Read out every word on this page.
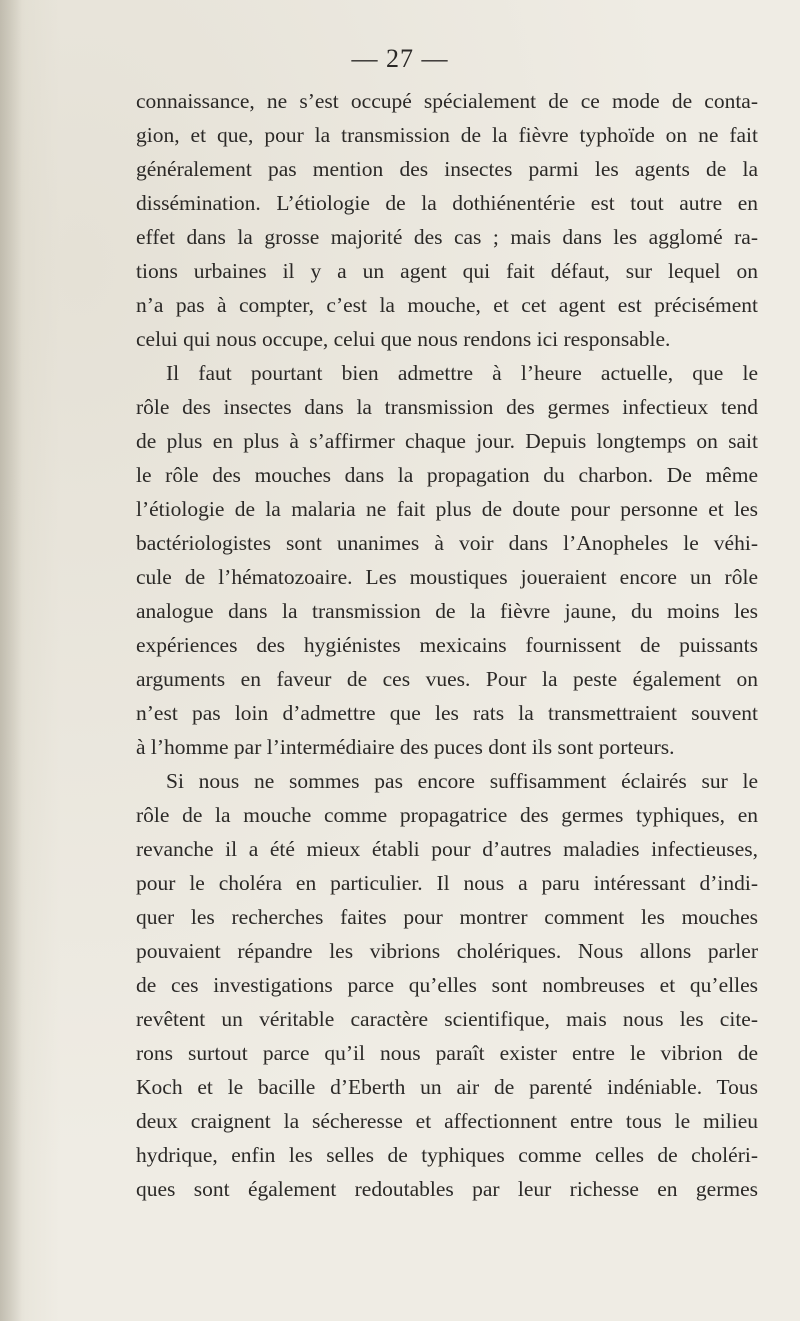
— 27 —
connaissance, ne s’est occupé spécialement de ce mode de conta-
gion, et que, pour la transmission de la fièvre typhoïde on ne fait
généralement pas mention des insectes parmi les agents de la
dissémination. L’étiologie de la dothiénentérie est tout autre en
effet dans la grosse majorité des cas ; mais dans les agglomé ra-
tions urbaines il y a un agent qui fait défaut, sur lequel on
n’a pas à compter, c’est la mouche, et cet agent est précisément
celui qui nous occupe, celui que nous rendons ici responsable.
Il faut pourtant bien admettre à l’heure actuelle, que le
rôle des insectes dans la transmission des germes infectieux tend
de plus en plus à s’affirmer chaque jour. Depuis longtemps on sait
le rôle des mouches dans la propagation du charbon. De même
l’étiologie de la malaria ne fait plus de doute pour personne et les
bactériologistes sont unanimes à voir dans l’Anopheles le véhi-
cule de l’hématozoaire. Les moustiques joueraient encore un rôle
analogue dans la transmission de la fièvre jaune, du moins les
expériences des hygiénistes mexicains fournissent de puissants
arguments en faveur de ces vues. Pour la peste également on
n’est pas loin d’admettre que les rats la transmettraient souvent
à l’homme par l’intermédiaire des puces dont ils sont porteurs.
Si nous ne sommes pas encore suffisamment éclairés sur le
rôle de la mouche comme propagatrice des germes typhiques, en
revanche il a été mieux établi pour d’autres maladies infectieuses,
pour le choléra en particulier. Il nous a paru intéressant d’indi-
quer les recherches faites pour montrer comment les mouches
pouvaient répandre les vibrions cholériques. Nous allons parler
de ces investigations parce qu’elles sont nombreuses et qu’elles
revêtent un véritable caractère scientifique, mais nous les cite-
rons surtout parce qu’il nous paraît exister entre le vibrion de
Koch et le bacille d’Eberth un air de parenté indéniable. Tous
deux craignent la sécheresse et affectionnent entre tous le milieu
hydrique, enfin les selles de typhiques comme celles de choléri-
ques sont également redoutables par leur richesse en germes
